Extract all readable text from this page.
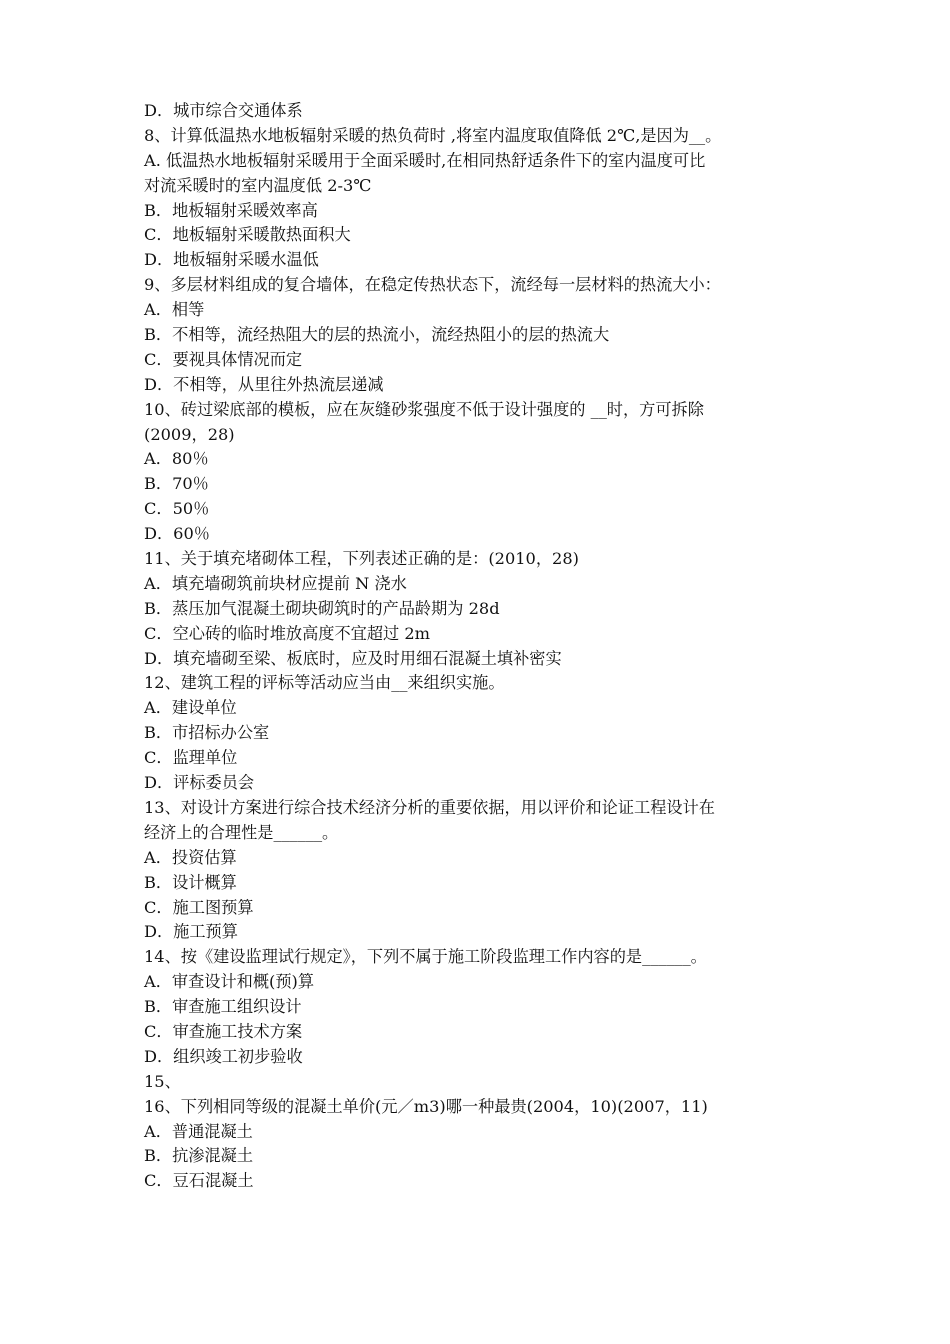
D．城市综合交通体系
8、计算低温热水地板辐射采暖的热负荷时 ,将室内温度取值降低 2℃,是因为__。
A. 低温热水地板辐射采暖用于全面采暖时,在相同热舒适条件下的室内温度可比
对流采暖时的室内温度低 2-3℃
B．地板辐射采暖效率高
C．地板辐射采暖散热面积大
D．地板辐射采暖水温低
9、多层材料组成的复合墙体，在稳定传热状态下，流经每一层材料的热流大小：
A．相等
B．不相等，流经热阻大的层的热流小，流经热阻小的层的热流大
C．要视具体情况而定
D．不相等，从里往外热流层递减
10、砖过梁底部的模板，应在灰缝砂浆强度不低于设计强度的 __时，方可拆除
(2009，28)
A．80％
B．70％
C．50％
D．60％
11、关于填充堵砌体工程，下列表述正确的是：(2010，28)
A．填充墙砌筑前块材应提前 N 浇水
B．蒸压加气混凝土砌块砌筑时的产品龄期为 28d
C．空心砖的临时堆放高度不宜超过 2m
D．填充墙砌至梁、板底时，应及时用细石混凝土填补密实
12、建筑工程的评标等活动应当由__来组织实施。
A．建设单位
B．市招标办公室
C．监理单位
D．评标委员会
13、对设计方案进行综合技术经济分析的重要依据，用以评价和论证工程设计在
经济上的合理性是______。
A．投资估算
B．设计概算
C．施工图预算
D．施工预算
14、按《建设监理试行规定》，下列不属于施工阶段监理工作内容的是______。
A．审查设计和概(预)算
B．审查施工组织设计
C．审查施工技术方案
D．组织竣工初步验收
15、
16、下列相同等级的混凝土单价(元／m3)哪一种最贵(2004，10)(2007，11)
A．普通混凝土
B．抗渗混凝土
C．豆石混凝土
